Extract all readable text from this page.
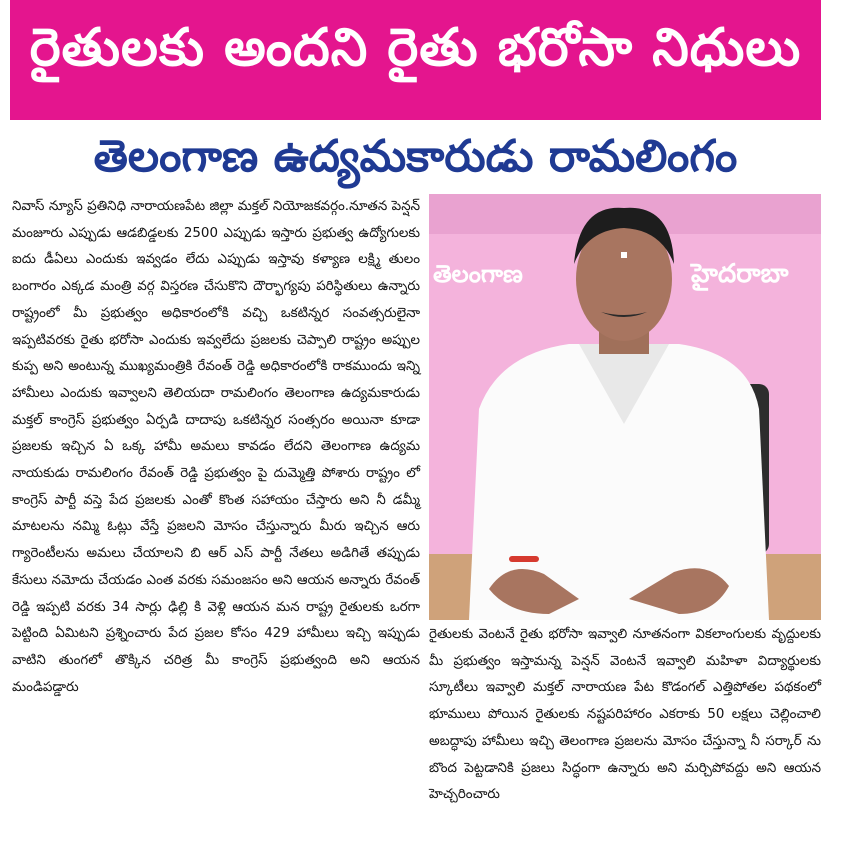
రైతులకు అందని రైతు భరోసా నిధులు
తెలంగాణ ఉద్యమకారుడు రామలింగం

నివాస్ న్యూస్ ప్రతినిధి నారాయణపేట జిల్లా మక్తల్ నియోజకవర్గం.నూతన పెన్షన్ మంజూరు ఎప్పుడు ఆడబిడ్డలకు 2500 ఎప్పుడు ఇస్తారు ప్రభుత్వ ఉద్యోగులకు ఐదు డీఏలు ఎందుకు ఇవ్వడం లేదు ఎప్పుడు ఇస్తావు కళ్యాణ లక్ష్మి తులం బంగారం ఎక్కడ మంత్రి వర్గ విస్తరణ చేసుకొని దౌర్భాగ్యపు పరిస్థితులు ఉన్నారు రాష్ట్రంలో మీ ప్రభుత్వం అధికారంలోకి వచ్చి ఒకటిన్నర సంవత్సరులైనా ఇప్పటివరకు రైతు భరోసా ఎందుకు ఇవ్వలేదు ప్రజలకు చెప్పాలి రాష్ట్రం అప్పుల కుప్ప అని అంటున్న ముఖ్యమంత్రికి రేవంత్ రెడ్డి అధికారంలోకి రాకముందు ఇన్ని హామీలు ఎందుకు ఇవ్వాలని తెలియదా రామలింగం తెలంగాణ ఉద్యమకారుడు మక్తల్ కాంగ్రెస్ ప్రభుత్వం ఏర్పడి దాదాపు ఒకటిన్నర సంత్సరం అయినా కూడా ప్రజలకు ఇచ్చిన ఏ ఒక్క హామీ అమలు కావడం లేదని తెలంగాణ ఉద్యమ నాయకుడు రామలింగం రేవంత్ రెడ్డి ప్రభుత్వం పై దుమ్మెత్తి పోశారు రాష్ట్రం లో కాంగ్రెస్ పార్టీ వస్తె పేద ప్రజలకు ఎంతో కొంత సహాయం చేస్తారు అని నీ డమ్మీ మాటలను నమ్మి ఓట్లు వేస్తే ప్రజలని మోసం చేస్తున్నారు మీరు ఇచ్చిన ఆరు గ్యారెంటీలను అమలు చేయాలని బి ఆర్ ఎస్ పార్టీ నేతలు అడిగితే తప్పుడు కేసులు నమోదు చేయడం ఎంత వరకు సమంజసం అని ఆయన అన్నారు రేవంత్ రెడ్డి ఇప్పటి వరకు 34 సార్లు ఢిల్లి కి వెళ్లి ఆయన మన రాష్ట్ర రైతులకు ఒరగా పెట్టింది ఏమిటని ప్రశ్నించారు పేద ప్రజల కోసం 429 హామీలు ఇచ్చి ఇప్పుడు వాటిని తుంగలో తొక్కిన చరిత్ర మీ కాంగ్రెస్ ప్రభుత్వంది అని ఆయన మండిపడ్డారు

తెలంగాణ	హైదరాబా

రైతులకు వెంటనే రైతు భరోసా ఇవ్వాలి నూతనంగా వికలాంగులకు వృద్దులకు మీ ప్రభుత్వం ఇస్తామన్న పెన్షన్ వెంటనే ఇవ్వాలి మహిళా విద్యార్థులకు స్కూటీలు ఇవ్వాలి మక్తల్ నారాయణ పేట కొడంగల్ ఎత్తిపోతల పథకంలో భూములు పోయిన రైతులకు నష్టపరిహారం ఎకరాకు 50 లక్షలు చెల్లించాలి అబద్ధాపు హామీలు ఇచ్చి తెలంగాణ ప్రజలను మోసం చేస్తున్నా నీ సర్కార్ ను బొంద పెట్టడానికి ప్రజలు సిద్ధంగా ఉన్నారు అని మర్చిపోవద్దు అని ఆయన హెచ్చరించారు
